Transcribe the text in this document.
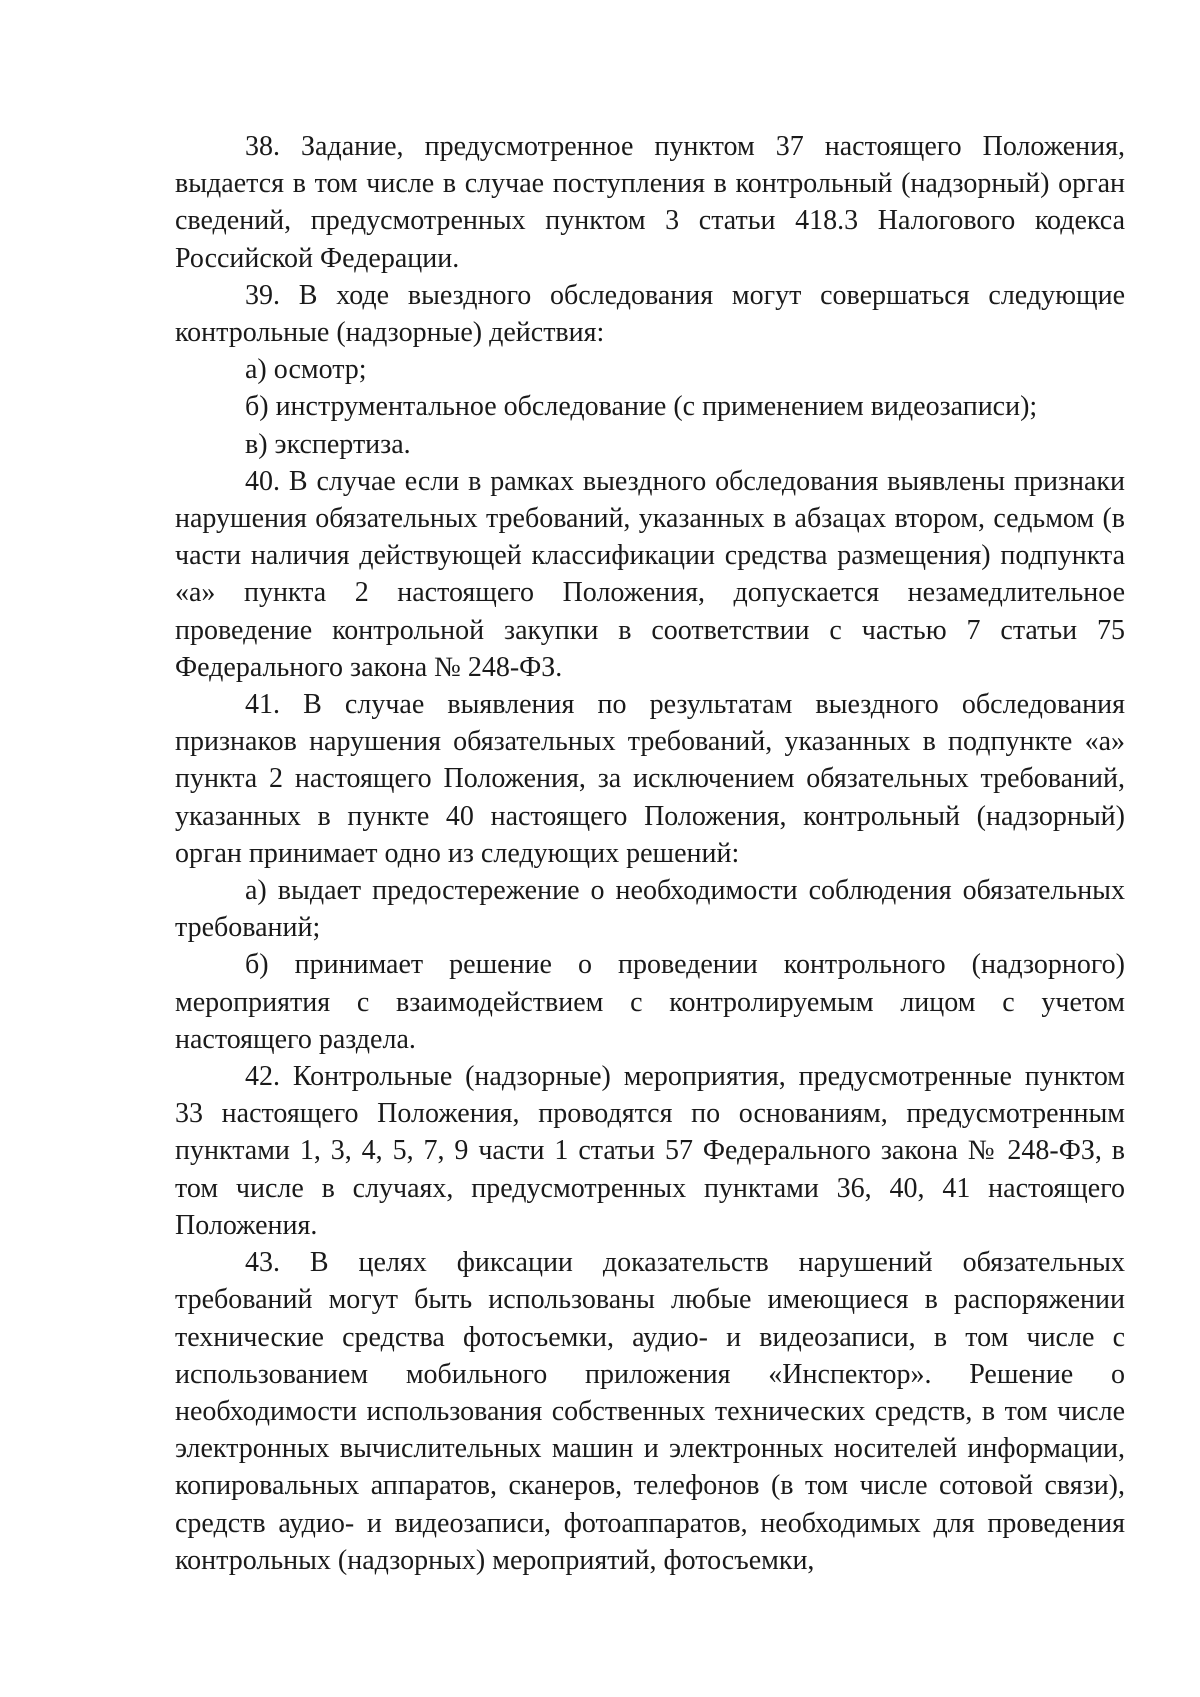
38. Задание, предусмотренное пунктом 37 настоящего Положения, выдается в том числе в случае поступления в контрольный (надзорный) орган сведений, предусмотренных пунктом 3 статьи 418.3 Налогового кодекса Российской Федерации.

39. В ходе выездного обследования могут совершаться следующие контрольные (надзорные) действия:

а) осмотр;

б) инструментальное обследование (с применением видеозаписи);

в) экспертиза.

40. В случае если в рамках выездного обследования выявлены признаки нарушения обязательных требований, указанных в абзацах втором, седьмом (в части наличия действующей классификации средства размещения) подпункта «а» пункта 2 настоящего Положения, допускается незамедлительное проведение контрольной закупки в соответствии с частью 7 статьи 75 Федерального закона № 248-ФЗ.

41. В случае выявления по результатам выездного обследования признаков нарушения обязательных требований, указанных в подпункте «а» пункта 2 настоящего Положения, за исключением обязательных требований, указанных в пункте 40 настоящего Положения, контрольный (надзорный) орган принимает одно из следующих решений:

а) выдает предостережение о необходимости соблюдения обязательных требований;

б) принимает решение о проведении контрольного (надзорного) мероприятия с взаимодействием с контролируемым лицом с учетом настоящего раздела.

42. Контрольные (надзорные) мероприятия, предусмотренные пунктом 33 настоящего Положения, проводятся по основаниям, предусмотренным пунктами 1, 3, 4, 5, 7, 9 части 1 статьи 57 Федерального закона № 248-ФЗ, в том числе в случаях, предусмотренных пунктами 36, 40, 41 настоящего Положения.

43. В целях фиксации доказательств нарушений обязательных требований могут быть использованы любые имеющиеся в распоряжении технические средства фотосъемки, аудио- и видеозаписи, в том числе с использованием мобильного приложения «Инспектор». Решение о необходимости использования собственных технических средств, в том числе электронных вычислительных машин и электронных носителей информации, копировальных аппаратов, сканеров, телефонов (в том числе сотовой связи), средств аудио- и видеозаписи, фотоаппаратов, необходимых для проведения контрольных (надзорных) мероприятий, фотосъемки,
